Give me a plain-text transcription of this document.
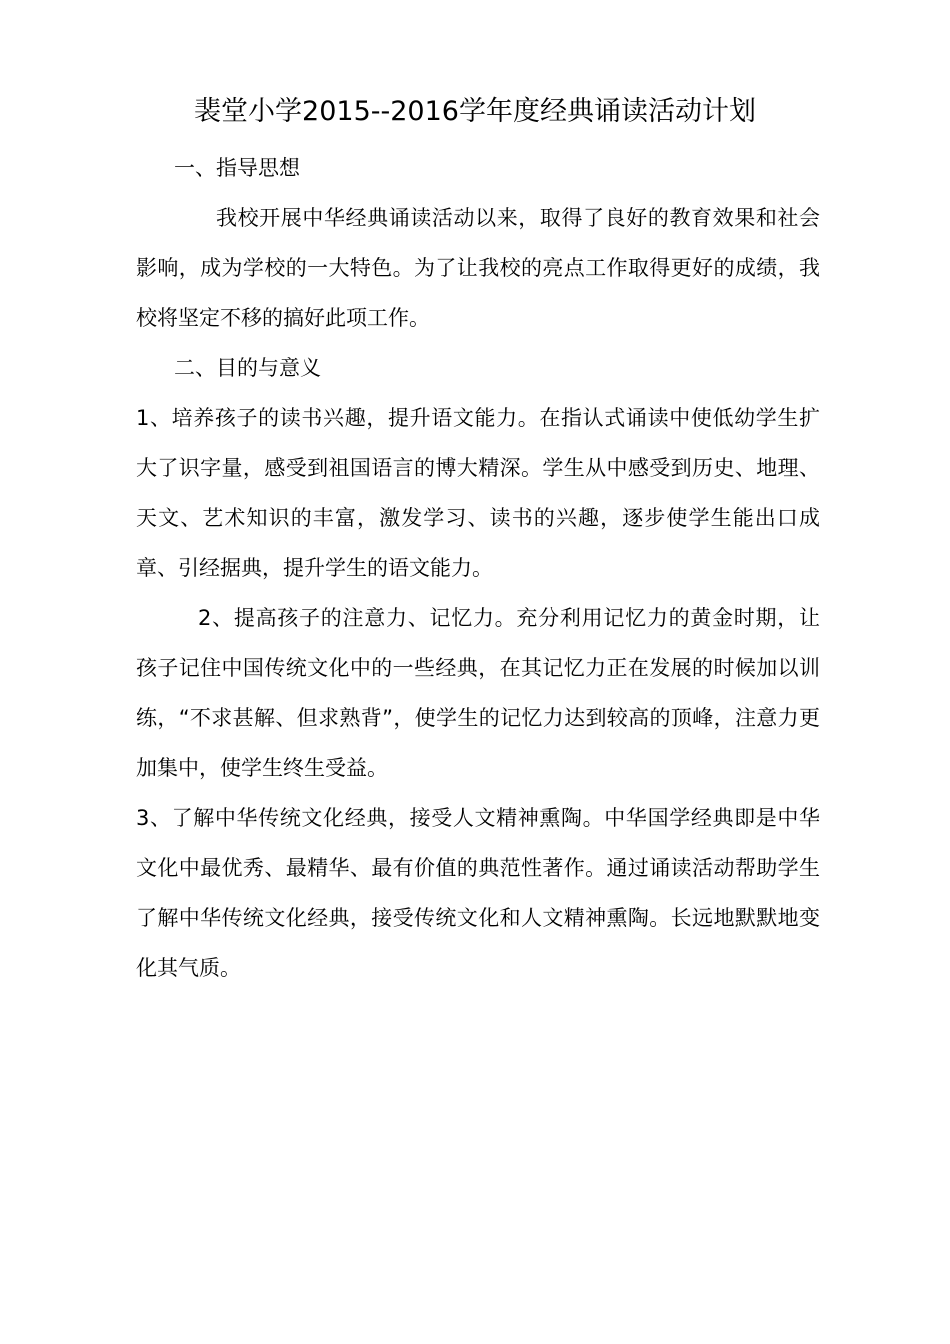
裴堂小学2015--2016学年度经典诵读活动计划

一、指导思想

我校开展中华经典诵读活动以来，取得了良好的教育效果和社会影响，成为学校的一大特色。为了让我校的亮点工作取得更好的成绩，我校将坚定不移的搞好此项工作。

二、目的与意义

1、培养孩子的读书兴趣，提升语文能力。在指认式诵读中使低幼学生扩大了识字量，感受到祖国语言的博大精深。学生从中感受到历史、地理、天文、艺术知识的丰富，激发学习、读书的兴趣，逐步使学生能出口成章、引经据典，提升学生的语文能力。

2、提高孩子的注意力、记忆力。充分利用记忆力的黄金时期，让孩子记住中国传统文化中的一些经典，在其记忆力正在发展的时候加以训练，“不求甚解、但求熟背”，使学生的记忆力达到较高的顶峰，注意力更加集中，使学生终生受益。

3、了解中华传统文化经典，接受人文精神熏陶。中华国学经典即是中华文化中最优秀、最精华、最有价值的典范性著作。通过诵读活动帮助学生了解中华传统文化经典，接受传统文化和人文精神熏陶。长远地默默地变化其气质。
